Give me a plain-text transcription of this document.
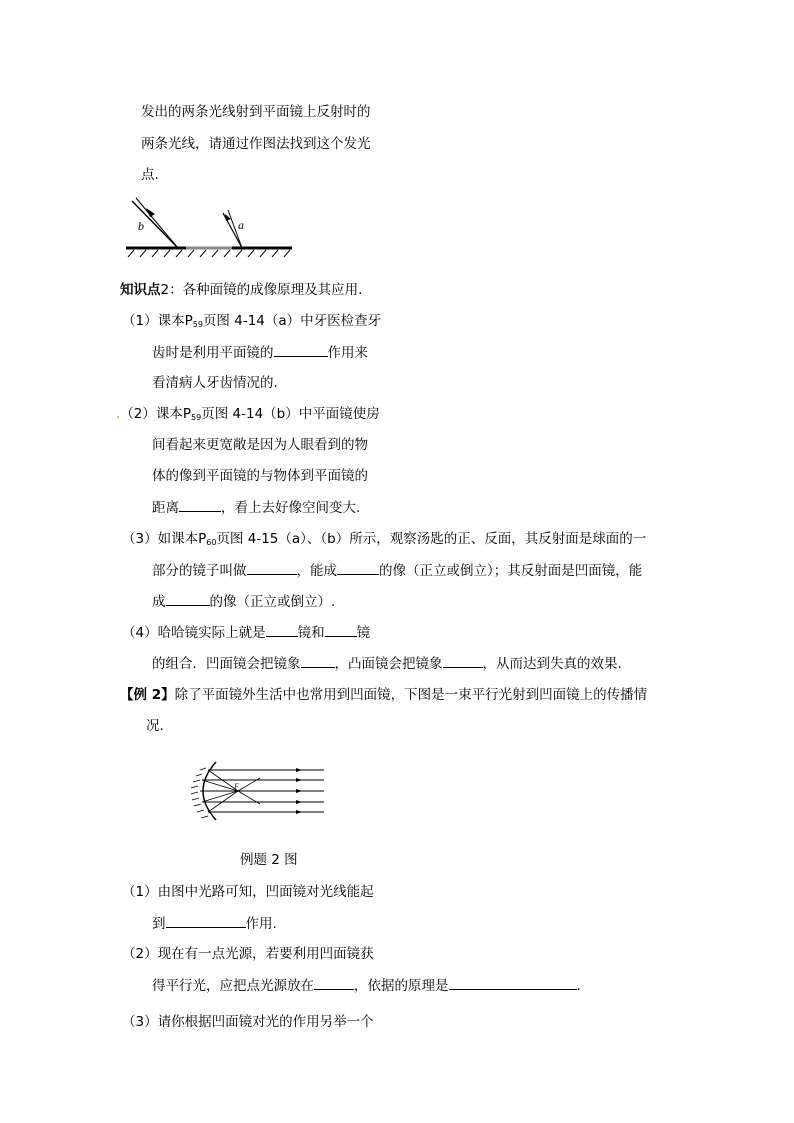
发出的两条光线射到平面镜上反射时的
两条光线，请通过作图法找到这个发光
点.
b	a
知识点2：各种面镜的成像原理及其应用.
（1）课本$P_{59}$页图 4-14（a）中牙医检查牙
齿时是利用平面镜的	作用来
看清病人牙齿情况的.
.（2）课本$P_{59}$页图 4-14（b）中平面镜使房
间看起来更宽敞是因为人眼看到的物
体的像到平面镜的与物体到平面镜的
距离	，看上去好像空间变大.
（3）如课本$P_{60}$页图 4-15（a）、（b）所示，观察汤匙的正、反面，其反射面是球面的一
部分的镜子叫做	，能成	的像（正立或倒立）；其反射面是凹面镜，能
成	的像（正立或倒立）.
（4）哈哈镜实际上就是 镜和 镜
的组合．凹面镜会把镜象	，凸面镜会把镜象	，从而达到失真的效果.
【例 2】除了平面镜外生活中也常用到凹面镜，下图是一束平行光射到凹面镜上的传播情
况.
F
例题 2 图
（1）由图中光路可知，凹面镜对光线能起
到	作用.
（2）现在有一点光源，若要利用凹面镜获
得平行光，应把点光源放在	，依据的原理是	.
（3）请你根据凹面镜对光的作用另举一个
